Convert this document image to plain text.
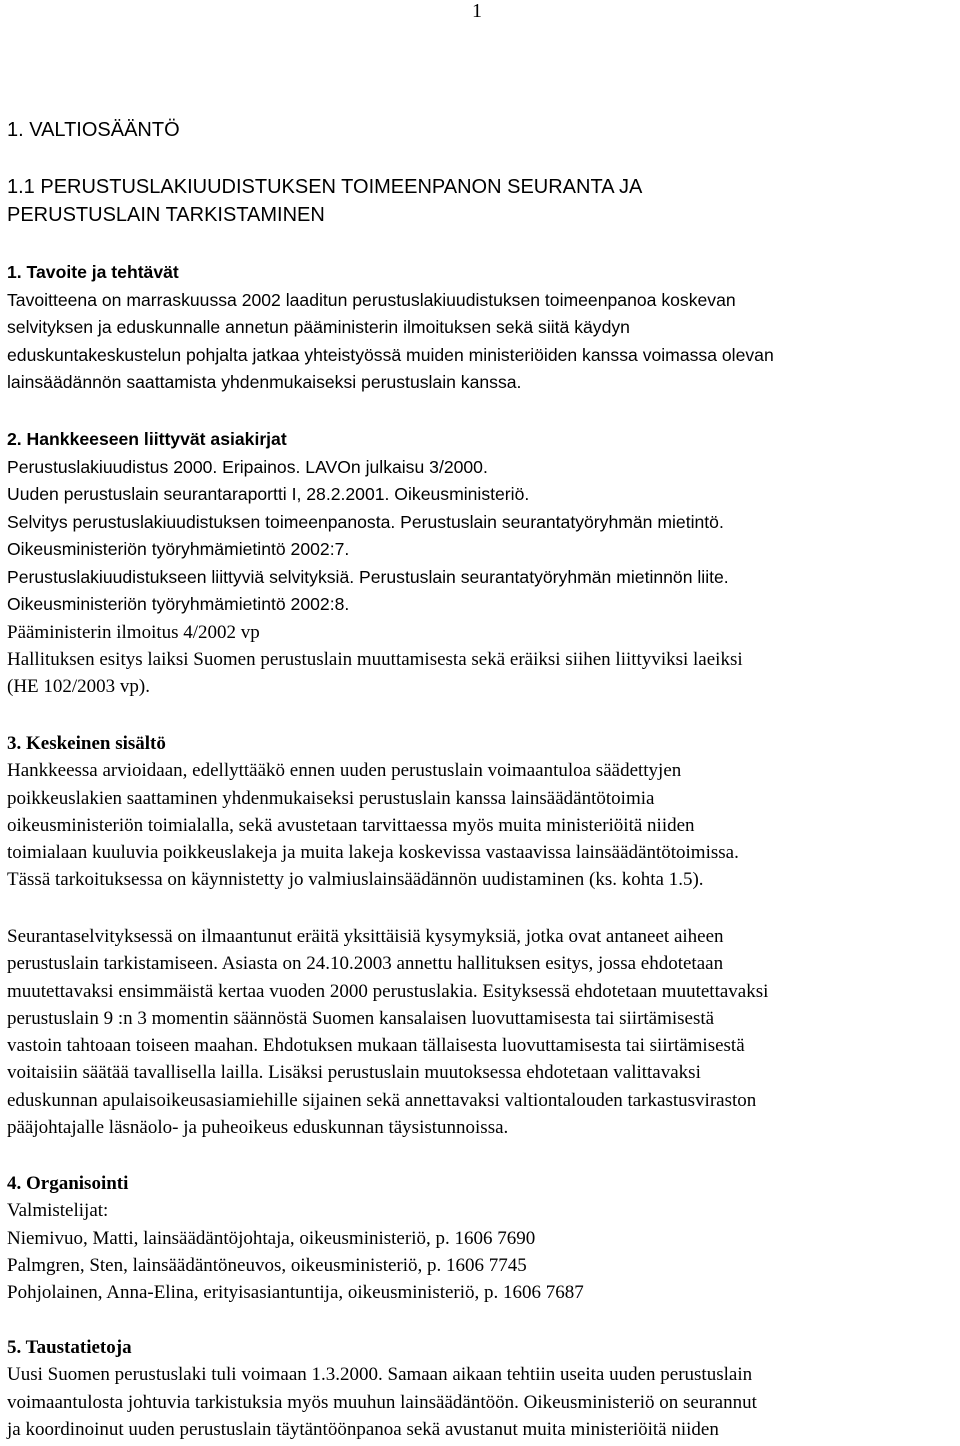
1
1. VALTIOSÄÄNTÖ
1.1 PERUSTUSLAKIUUDISTUKSEN TOIMEENPANON SEURANTA JA
PERUSTUSLAIN TARKISTAMINEN

1. Tavoite ja tehtävät

Tavoitteena on marraskuussa 2002 laaditun perustuslakiuudistuksen toimeenpanoa koskevan

selvityksen ja eduskunnalle annetun pääministerin ilmoituksen sekä siitä käydyn

eduskuntakeskustelun pohjalta jatkaa yhteistyössä muiden ministeriöiden kanssa voimassa olevan

lainsäädännön saattamista yhdenmukaiseksi perustuslain kanssa.

2. Hankkeeseen liittyvät asiakirjat

Perustuslakiuudistus 2000. Eripainos. LAVOn julkaisu 3/2000.

Uuden perustuslain seurantaraportti I, 28.2.2001. Oikeusministeriö.

Selvitys perustuslakiuudistuksen toimeenpanosta. Perustuslain seurantatyöryhmän mietintö.

Oikeusministeriön työryhmämietintö 2002:7.

Perustuslakiuudistukseen liittyviä selvityksiä. Perustuslain seurantatyöryhmän mietinnön liite.

Oikeusministeriön työryhmämietintö 2002:8.

Pääministerin ilmoitus 4/2002 vp

Hallituksen esitys laiksi Suomen perustuslain muuttamisesta sekä eräiksi siihen liittyviksi laeiksi

(HE 102/2003 vp).

3. Keskeinen sisältö

Hankkeessa arvioidaan, edellyttääkö ennen uuden perustuslain voimaantuloa säädettyjen

poikkeuslakien saattaminen yhdenmukaiseksi perustuslain kanssa lainsäädäntötoimia

oikeusministeriön toimialalla, sekä avustetaan tarvittaessa myös muita ministeriöitä niiden

toimialaan kuuluvia poikkeuslakeja ja muita lakeja koskevissa vastaavissa lainsäädäntötoimissa.

Tässä tarkoituksessa on käynnistetty jo valmiuslainsäädännön uudistaminen (ks. kohta 1.5).

Seurantaselvityksessä on ilmaantunut eräitä yksittäisiä kysymyksiä, jotka ovat antaneet aiheen

perustuslain tarkistamiseen. Asiasta on 24.10.2003 annettu hallituksen esitys, jossa ehdotetaan

muutettavaksi ensimmäistä kertaa vuoden 2000 perustuslakia. Esityksessä ehdotetaan muutettavaksi

perustuslain 9 :n 3 momentin säännöstä Suomen kansalaisen luovuttamisesta tai siirtämisestä

vastoin tahtoaan toiseen maahan. Ehdotuksen mukaan tällaisesta luovuttamisesta tai siirtämisestä

voitaisiin säätää tavallisella lailla. Lisäksi perustuslain muutoksessa ehdotetaan valittavaksi

eduskunnan apulaisoikeusasiamiehille sijainen sekä annettavaksi valtiontalouden tarkastusviraston

pääjohtajalle läsnäolo- ja puheoikeus eduskunnan täysistunnoissa.

4. Organisointi

Valmistelijat:

Niemivuo, Matti, lainsäädäntöjohtaja, oikeusministeriö, p. 1606 7690

Palmgren, Sten, lainsäädäntöneuvos, oikeusministeriö, p. 1606 7745

Pohjolainen, Anna-Elina, erityisasiantuntija, oikeusministeriö, p. 1606 7687

5. Taustatietoja

Uusi Suomen perustuslaki tuli voimaan 1.3.2000. Samaan aikaan tehtiin useita uuden perustuslain

voimaantulosta johtuvia tarkistuksia myös muuhun lainsäädäntöön. Oikeusministeriö on seurannut

ja koordinoinut uuden perustuslain täytäntöönpanoa sekä avustanut muita ministeriöitä niiden
